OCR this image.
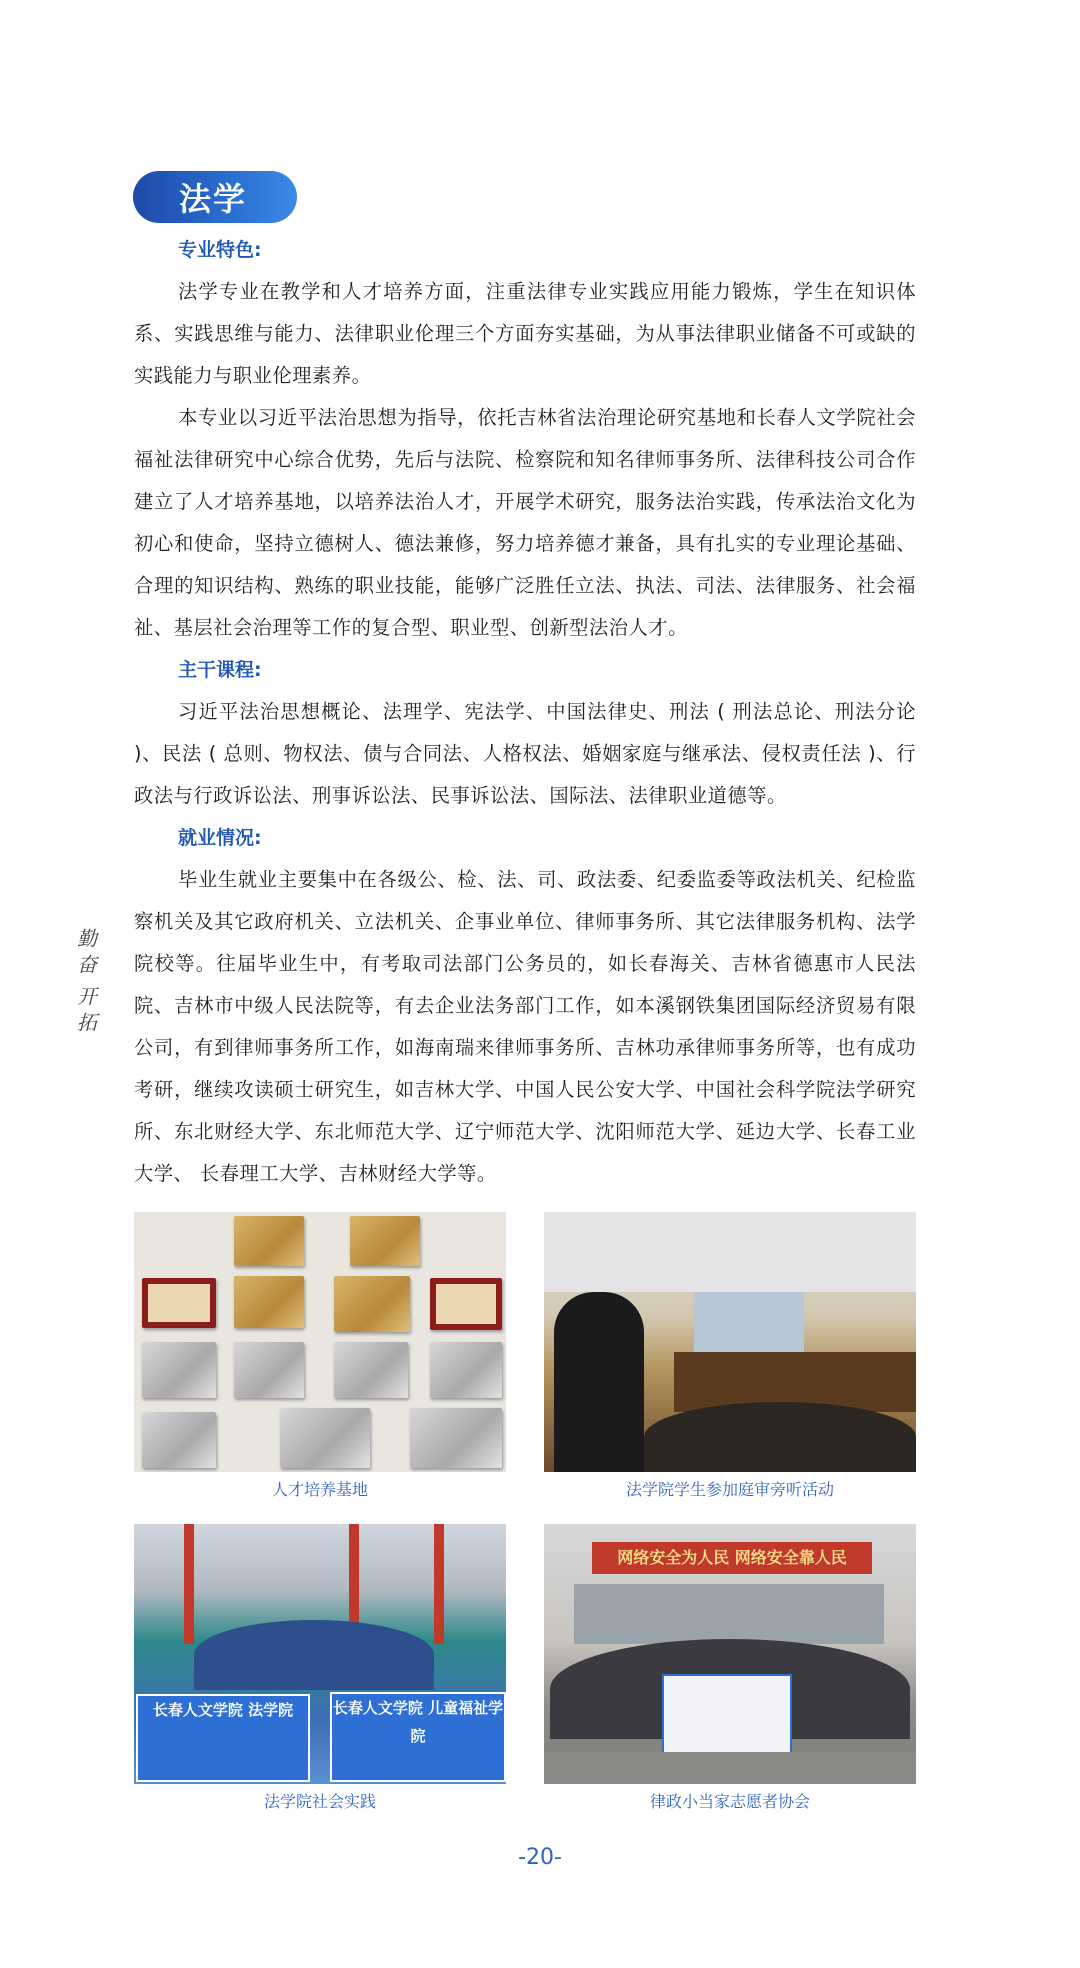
法学
专业特色:

法学专业在教学和人才培养方面，注重法律专业实践应用能力锻炼，学生在知识体系、实践思维与能力、法律职业伦理三个方面夯实基础，为从事法律职业储备不可或缺的实践能力与职业伦理素养。

本专业以习近平法治思想为指导，依托吉林省法治理论研究基地和长春人文学院社会福祉法律研究中心综合优势，先后与法院、检察院和知名律师事务所、法律科技公司合作建立了人才培养基地，以培养法治人才，开展学术研究，服务法治实践，传承法治文化为初心和使命，坚持立德树人、德法兼修，努力培养德才兼备，具有扎实的专业理论基础、合理的知识结构、熟练的职业技能，能够广泛胜任立法、执法、司法、法律服务、社会福祉、基层社会治理等工作的复合型、职业型、创新型法治人才。

主干课程:

习近平法治思想概论、法理学、宪法学、中国法律史、刑法 ( 刑法总论、刑法分论 )、民法 ( 总则、物权法、债与合同法、人格权法、婚姻家庭与继承法、侵权责任法 )、行政法与行政诉讼法、刑事诉讼法、民事诉讼法、国际法、法律职业道德等。

就业情况:

毕业生就业主要集中在各级公、检、法、司、政法委、纪委监委等政法机关、纪检监察机关及其它政府机关、立法机关、企事业单位、律师事务所、其它法律服务机构、法学院校等。往届毕业生中，有考取司法部门公务员的，如长春海关、吉林省德惠市人民法院、吉林市中级人民法院等，有去企业法务部门工作，如本溪钢铁集团国际经济贸易有限公司，有到律师事务所工作，如海南瑞来律师事务所、吉林功承律师事务所等，也有成功考研，继续攻读硕士研究生，如吉林大学、中国人民公安大学、中国社会科学院法学研究所、东北财经大学、东北师范大学、辽宁师范大学、沈阳师范大学、延边大学、长春工业大学、 长春理工大学、吉林财经大学等。

勤奋
开拓
人才培养基地	法学院学生参加庭审旁听活动
长春人文学院 法学院	长春人文学院 儿童福祉学院
法学院社会实践
网络安全为人民 网络安全靠人民
律政小当家志愿者协会
-20-
